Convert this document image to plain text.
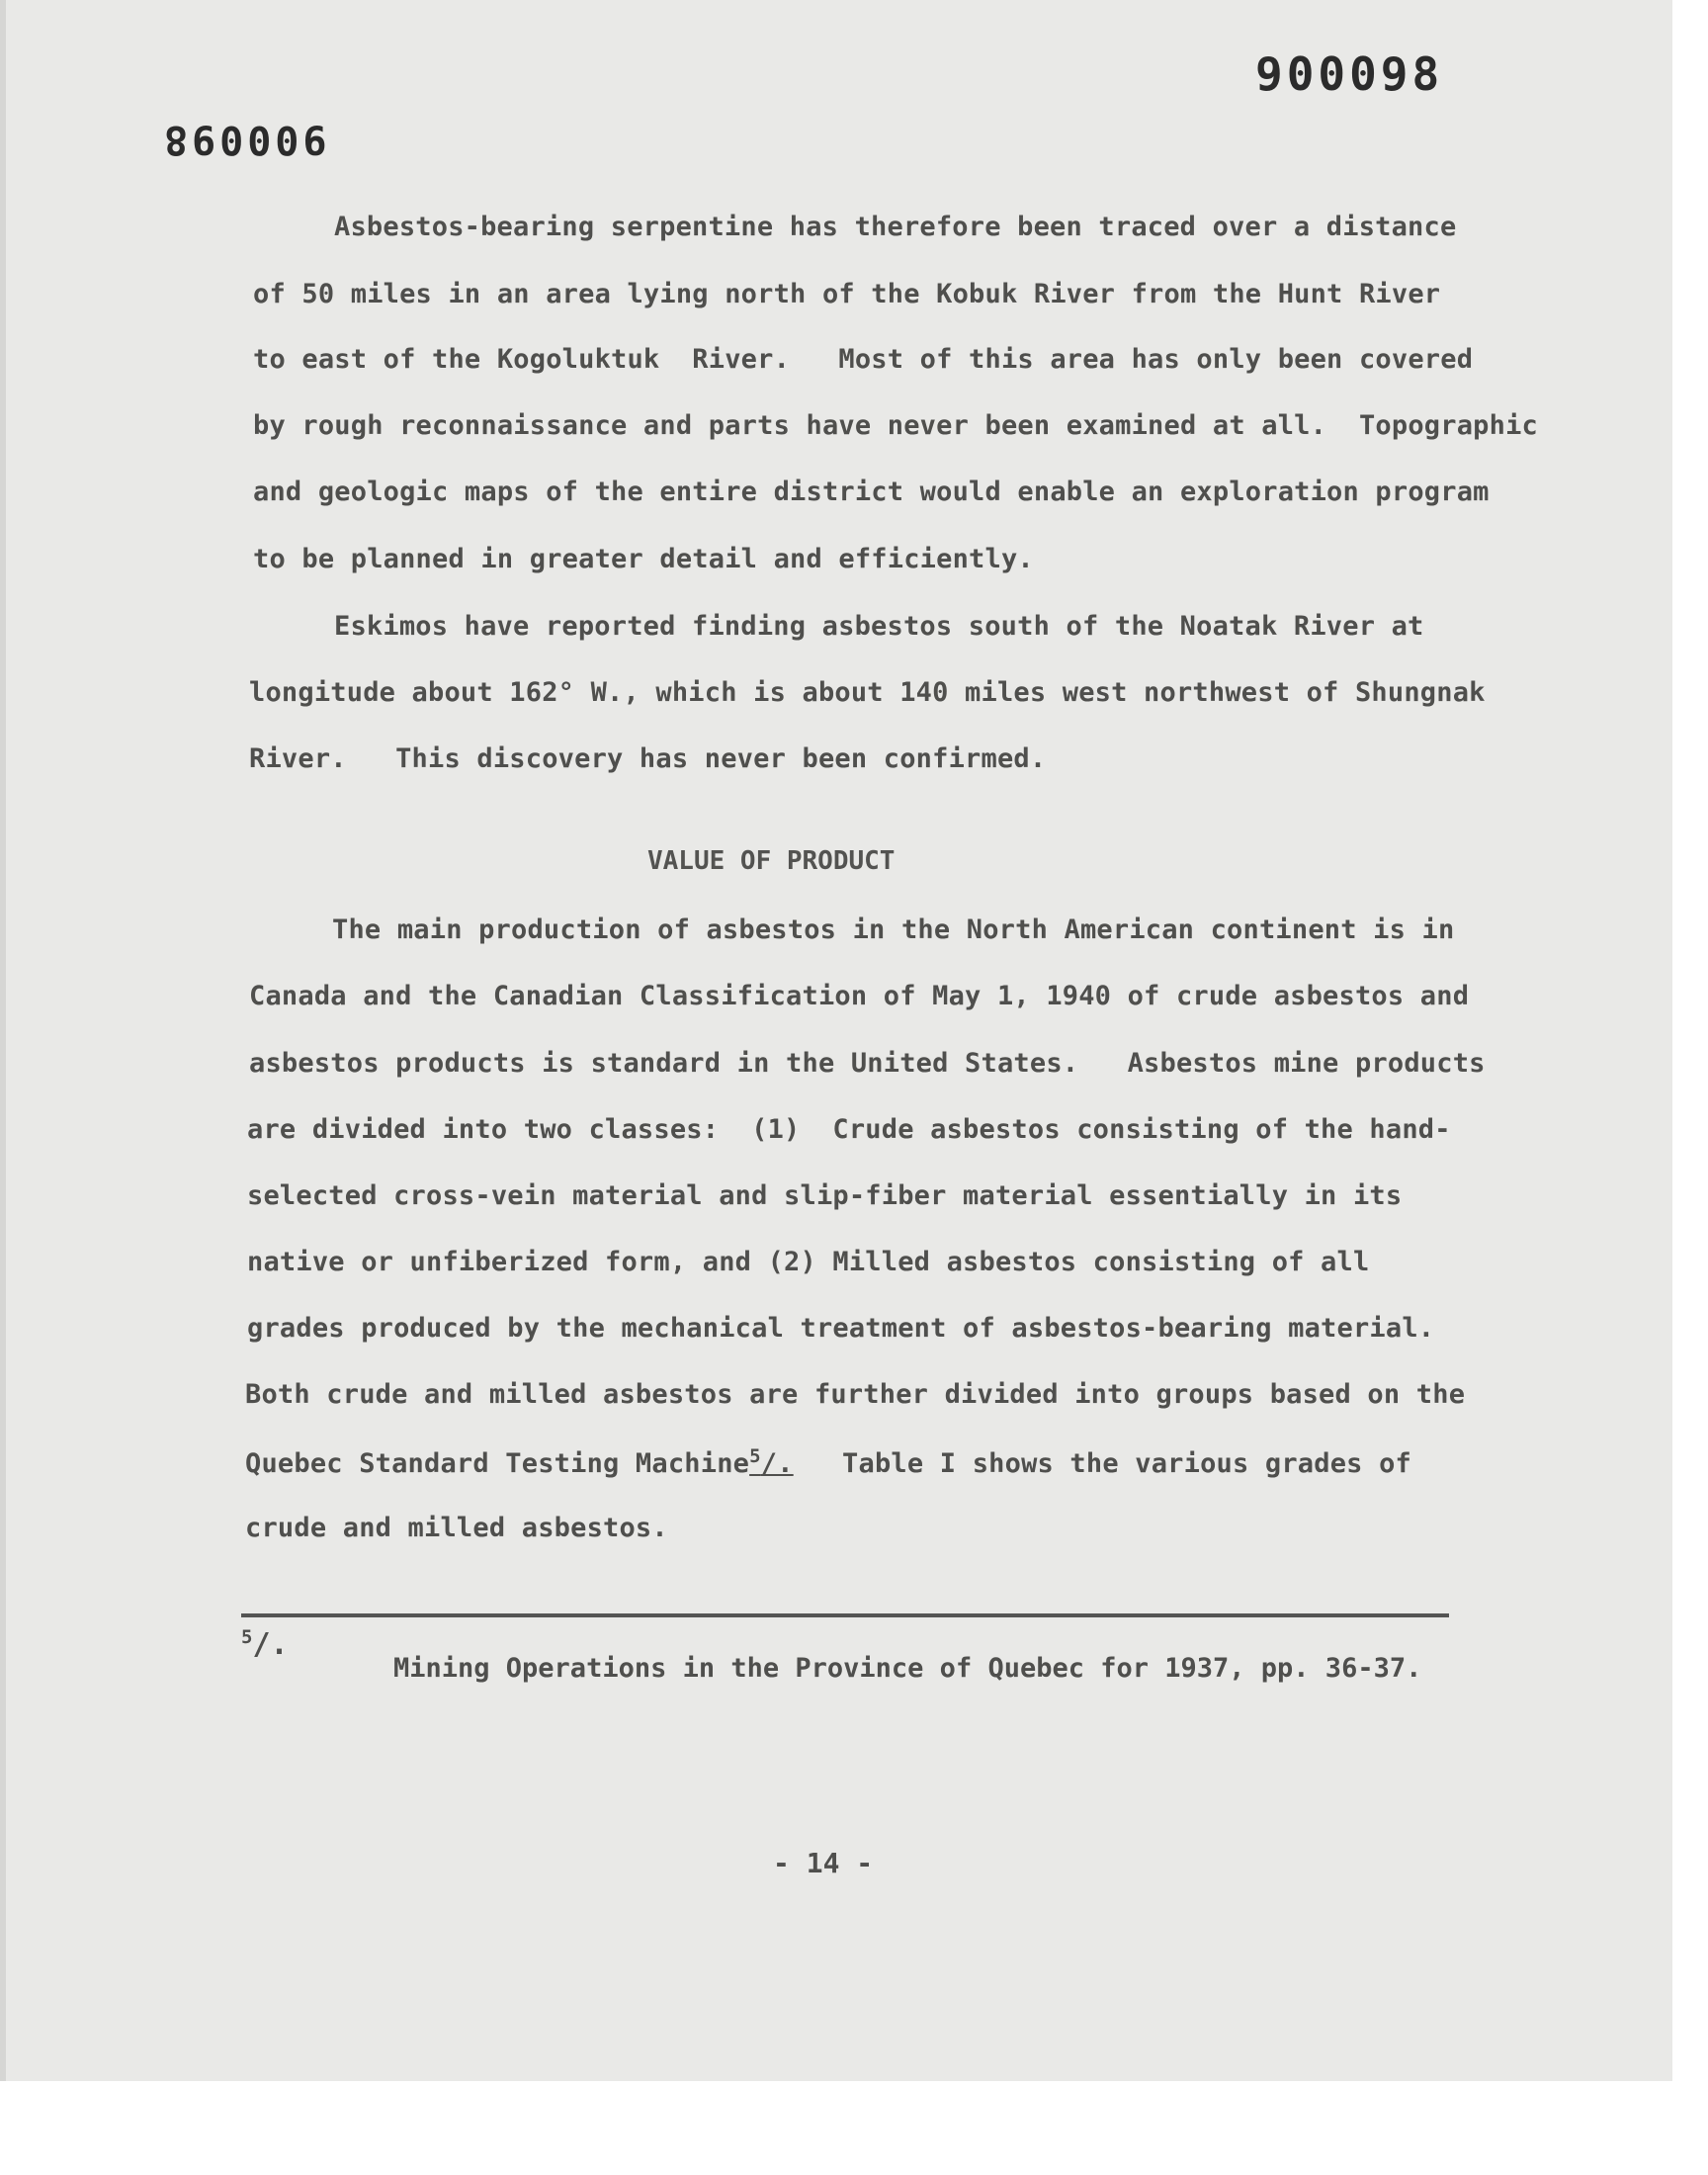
900098
900098
Asbestos-bearing serpentine has therefore been traced over a distance
of 50 miles in an area lying north of the Kobuk River from the Hunt River
to east of the Kogoluktuk  River.   Most of this area has only been covered
by rough reconnaissance and parts have never been examined at all.  Topographic
and geologic maps of the entire district would enable an exploration program
to be planned in greater detail and efficiently.
Eskimos have reported finding asbestos south of the Noatak River at
longitude about 162° W., which is about 140 miles west northwest of Shungnak
River.   This discovery has never been confirmed.
VALUE OF PRODUCT
The main production of asbestos in the North American continent is in
Canada and the Canadian Classification of May 1, 1940 of crude asbestos and
asbestos products is standard in the United States.   Asbestos mine products
are divided into two classes:  (1)  Crude asbestos consisting of the hand-
selected cross-vein material and slip-fiber material essentially in its
native or unfiberized form, and (2) Milled asbestos consisting of all
grades produced by the mechanical treatment of asbestos-bearing material.
Both crude and milled asbestos are further divided into groups based on the
Quebec Standard Testing Machine$^5$/.   Table I shows the various grades of
crude and milled asbestos.
$^5$/.
Mining Operations in the Province of Quebec for 1937, pp. 36-37.
- 14 -
